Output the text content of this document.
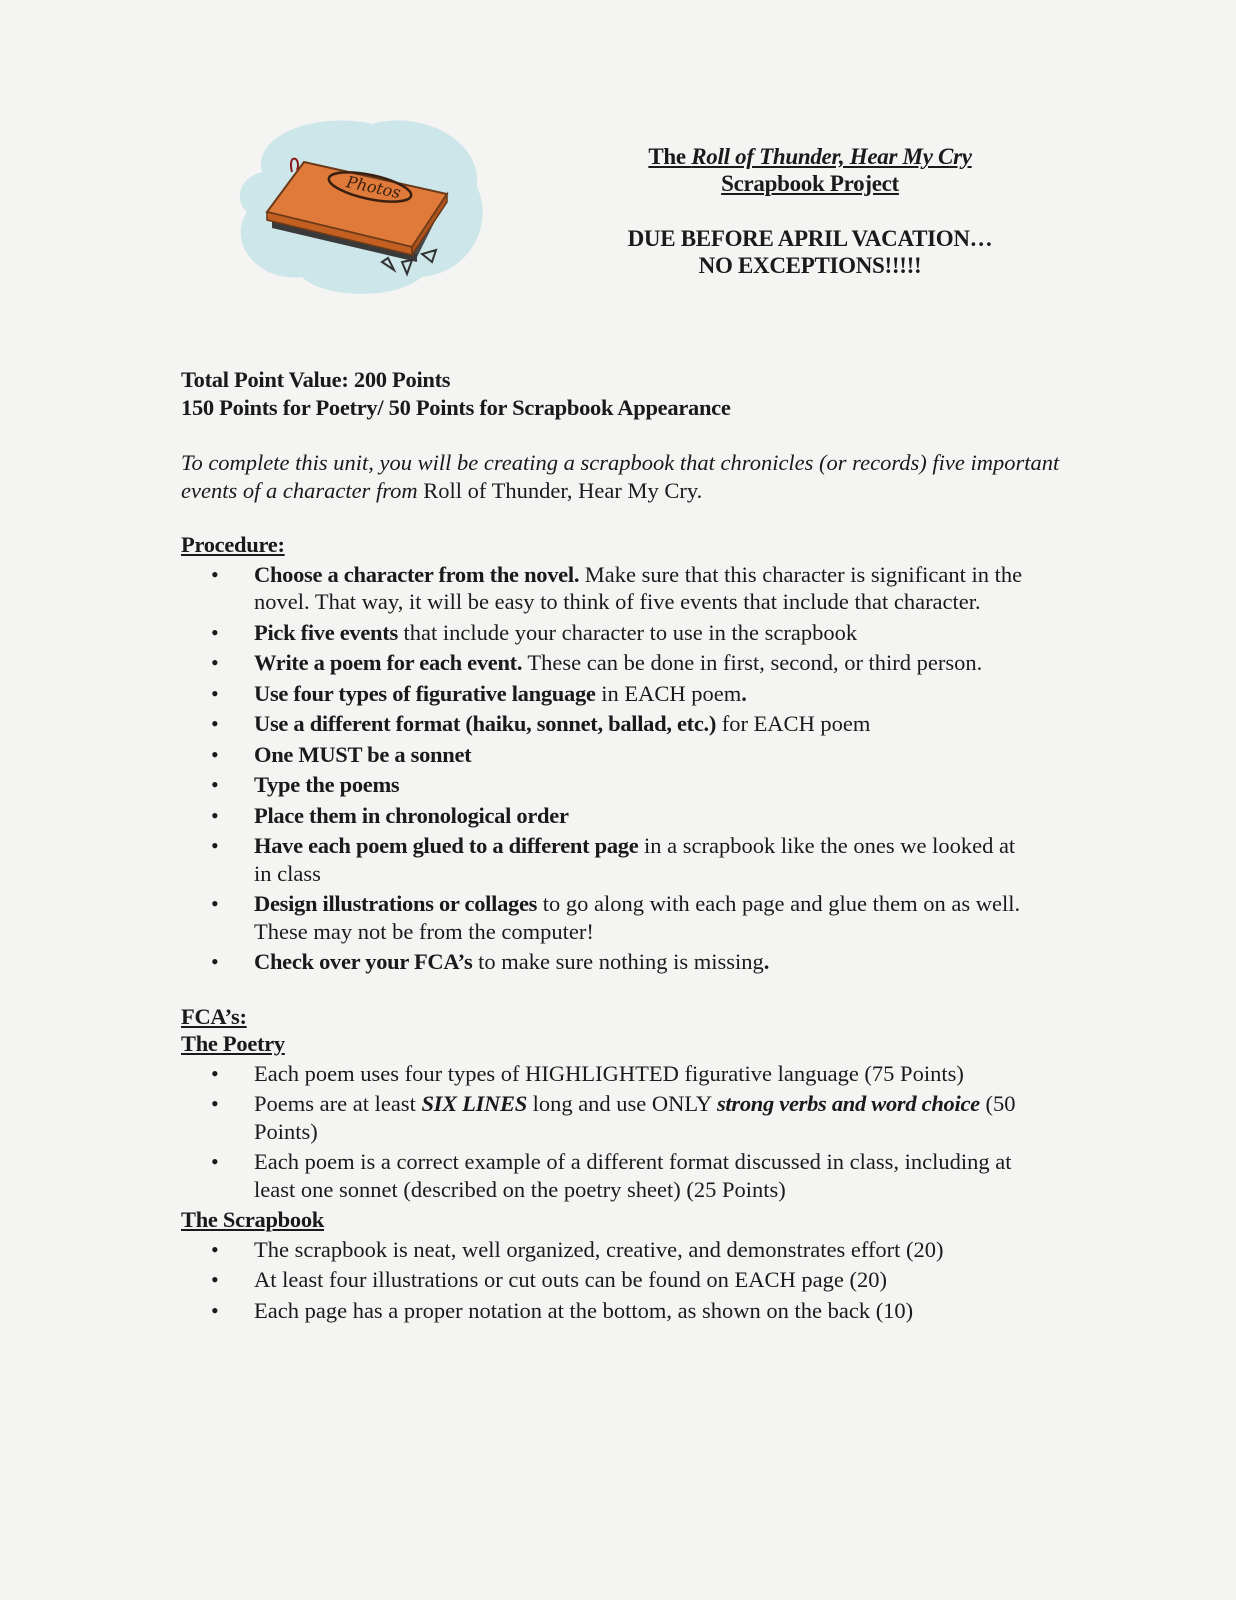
Photos
The Roll of Thunder, Hear My Cry
Scrapbook Project
DUE BEFORE APRIL VACATION…
NO EXCEPTIONS!!!!!
Total Point Value: 200 Points
150 Points for Poetry/ 50 Points for Scrapbook Appearance
To complete this unit, you will be creating a scrapbook that chronicles (or records) five important events of a character from Roll of Thunder, Hear My Cry.
Procedure:
• Choose a character from the novel. Make sure that this character is significant in the novel. That way, it will be easy to think of five events that include that character.
• Pick five events that include your character to use in the scrapbook
• Write a poem for each event. These can be done in first, second, or third person.
• Use four types of figurative language in EACH poem.
• Use a different format (haiku, sonnet, ballad, etc.) for EACH poem
• One MUST be a sonnet
• Type the poems
• Place them in chronological order
• Have each poem glued to a different page in a scrapbook like the ones we looked at in class
• Design illustrations or collages to go along with each page and glue them on as well. These may not be from the computer!
• Check over your FCA’s to make sure nothing is missing.
FCA’s:
The Poetry
• Each poem uses four types of HIGHLIGHTED figurative language (75 Points)
• Poems are at least SIX LINES long and use ONLY strong verbs and word choice (50 Points)
• Each poem is a correct example of a different format discussed in class, including at least one sonnet (described on the poetry sheet) (25 Points)
The Scrapbook
• The scrapbook is neat, well organized, creative, and demonstrates effort (20)
• At least four illustrations or cut outs can be found on EACH page (20)
• Each page has a proper notation at the bottom, as shown on the back (10)
